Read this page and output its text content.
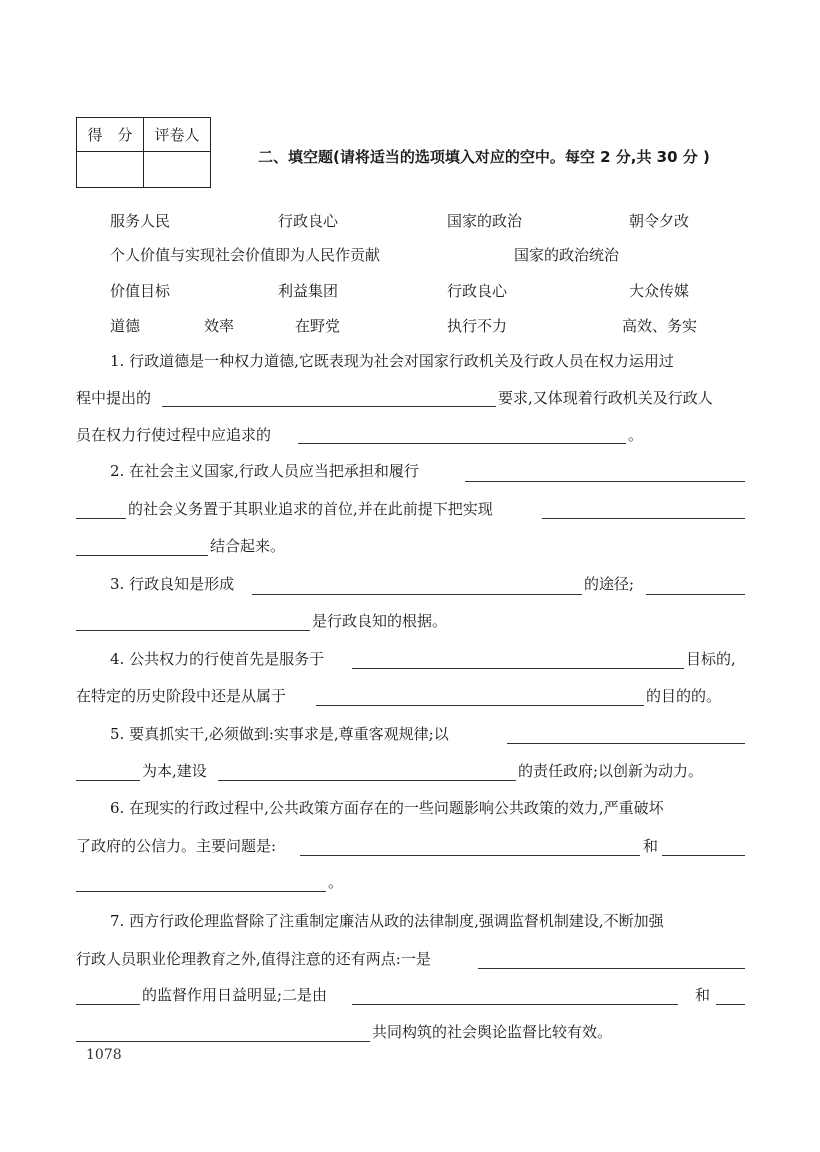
得　分	评卷人

二、填空题(请将适当的选项填入对应的空中。每空 2 分,共 30 分 )
服务人民	行政良心	国家的政治	朝令夕改
个人价值与实现社会价值即为人民作贡献	国家的政治统治
价值目标	利益集团	行政良心	大众传媒
道德	效率	在野党	执行不力	高效、务实
1. 行政道德是一种权力道德,它既表现为社会对国家行政机关及行政人员在权力运用过
程中提出的	要求,又体现着行政机关及行政人
员在权力行使过程中应追求的	。
2. 在社会主义国家,行政人员应当把承担和履行
的社会义务置于其职业追求的首位,并在此前提下把实现
结合起来。
3. 行政良知是形成	的途径;
是行政良知的根据。
4. 公共权力的行使首先是服务于	目标的,
在特定的历史阶段中还是从属于	的目的的。
5. 要真抓实干,必须做到:实事求是,尊重客观规律;以
为本,建设	的责任政府;以创新为动力。
6. 在现实的行政过程中,公共政策方面存在的一些问题影响公共政策的效力,严重破坏
了政府的公信力。主要问题是:	和
。
7. 西方行政伦理监督除了注重制定廉洁从政的法律制度,强调监督机制建设,不断加强
行政人员职业伦理教育之外,值得注意的还有两点:一是
的监督作用日益明显;二是由	和
共同构筑的社会舆论监督比较有效。
1078
